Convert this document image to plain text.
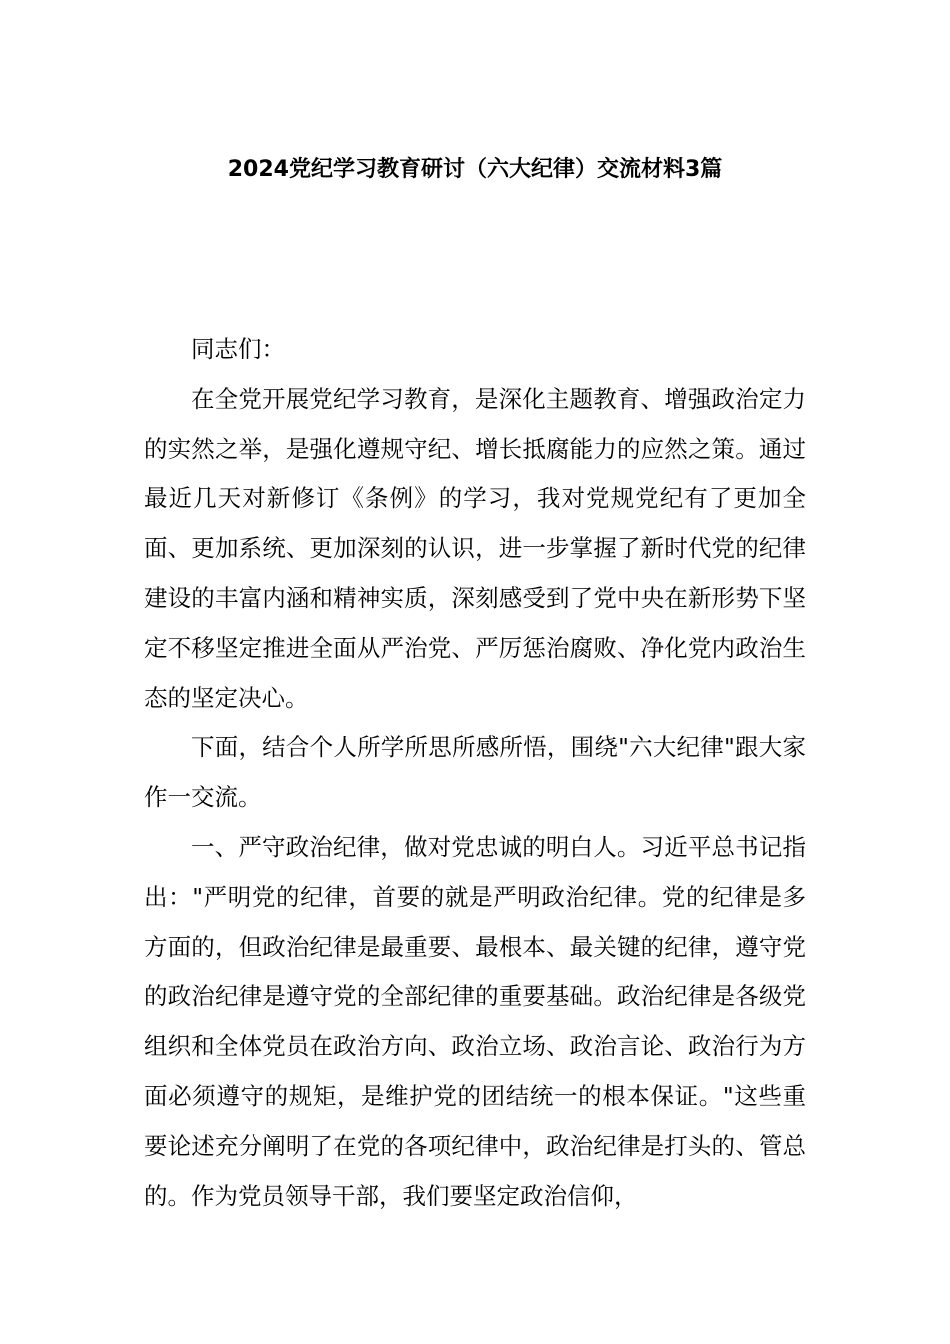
2024党纪学习教育研讨（六大纪律）交流材料3篇

同志们：

在全党开展党纪学习教育，是深化主题教育、增强政治定力的实然之举，是强化遵规守纪、增长抵腐能力的应然之策。通过最近几天对新修订《条例》的学习，我对党规党纪有了更加全面、更加系统、更加深刻的认识，进一步掌握了新时代党的纪律建设的丰富内涵和精神实质，深刻感受到了党中央在新形势下坚定不移坚定推进全面从严治党、严厉惩治腐败、净化党内政治生态的坚定决心。

下面，结合个人所学所思所感所悟，围绕"六大纪律"跟大家作一交流。

一、严守政治纪律，做对党忠诚的明白人。习近平总书记指出："严明党的纪律，首要的就是严明政治纪律。党的纪律是多方面的，但政治纪律是最重要、最根本、最关键的纪律，遵守党的政治纪律是遵守党的全部纪律的重要基础。政治纪律是各级党组织和全体党员在政治方向、政治立场、政治言论、政治行为方面必须遵守的规矩，是维护党的团结统一的根本保证。"这些重要论述充分阐明了在党的各项纪律中，政治纪律是打头的、管总的。作为党员领导干部，我们要坚定政治信仰，
